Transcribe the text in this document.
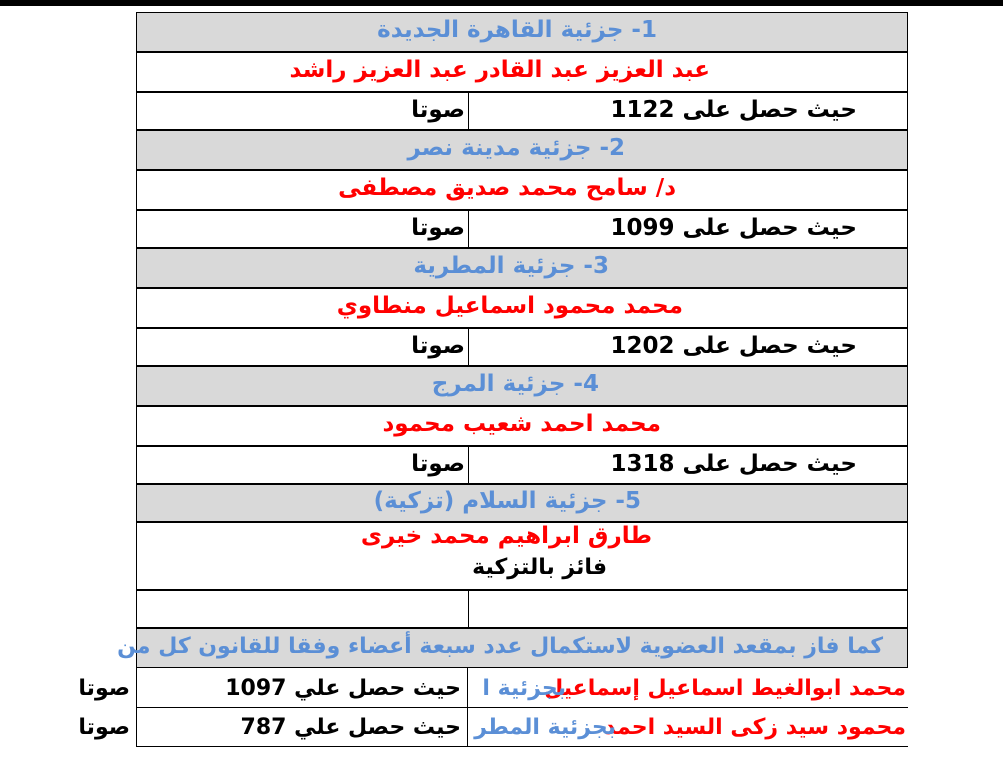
1- جزئية القاهرة الجديدة
عبد العزيز عبد القادر عبد العزيز راشد
حيث حصل على 1122
صوتا
2- جزئية مدينة نصر
د/ سامح محمد صديق مصطفى
حيث حصل على 1099
صوتا
3- جزئية المطرية
محمد محمود اسماعيل منطاوي
حيث حصل على 1202
صوتا
4- جزئية المرج
محمد احمد شعيب محمود
حيث حصل على 1318
صوتا
5- جزئية السلام (تزكية)
طارق ابراهيم محمد خيرى
فائز بالتزكية
كما فاز بمقعد العضوية لاستكمال عدد سبعة أعضاء وفقا للقانون كل من
محمد ابوالغيط اسماعيل إسماعيل
بجزئية ا
حيث حصل علي 1097
صوتا
محمود سيد زكى السيد احمد
بجزئية المطر
حيث حصل علي 787
صوتا
